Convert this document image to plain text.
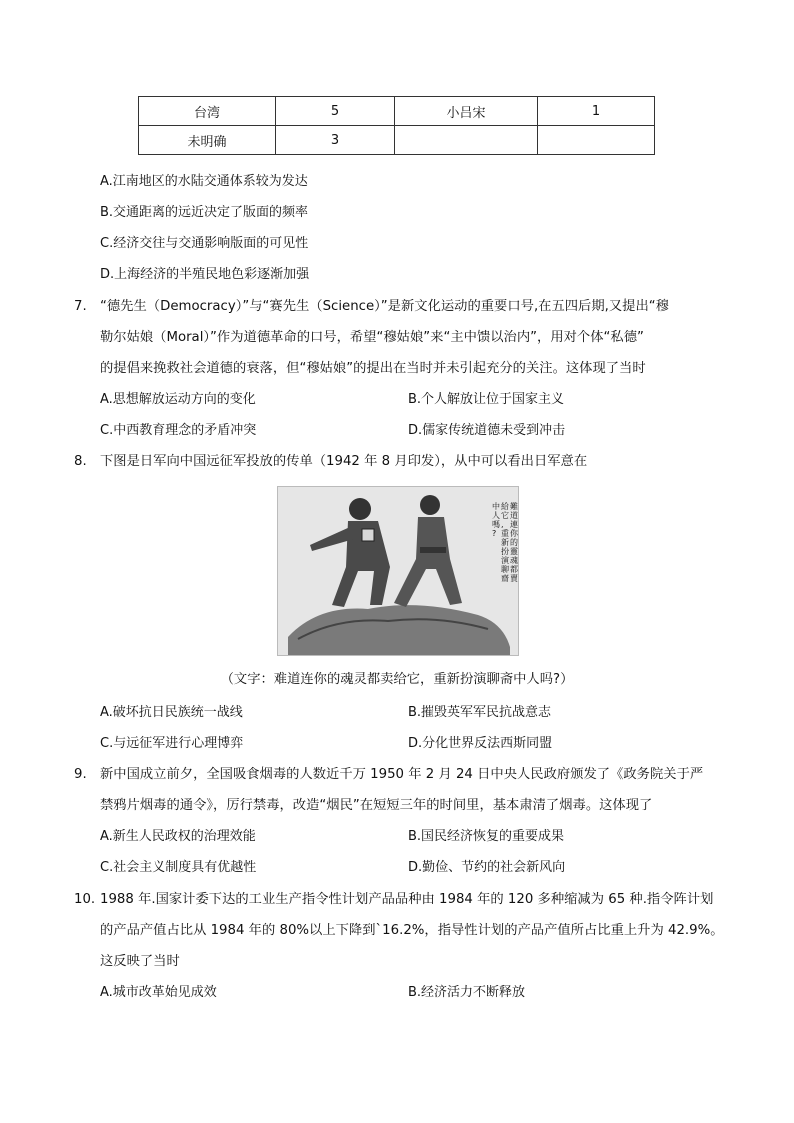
台湾	5	小吕宋	1
未明确	3		
A.江南地区的水陆交通体系较为发达
B.交通距离的远近决定了版面的频率
C.经济交往与交通影响版面的可见性
D.上海经济的半殖民地色彩逐渐加强
7. “德先生（Democracy）”与“赛先生（Science）”是新文化运动的重要口号,在五四后期,又提出“穆
勒尔姑娘（Moral）”作为道德革命的口号，希望“穆姑娘”来“主中馈以治内”，用对个体“私德”
的提倡来挽救社会道德的衰落，但“穆姑娘”的提出在当时并未引起充分的关注。这体现了当时
A.思想解放运动方向的变化	B.个人解放让位于国家主义
C.中西教育理念的矛盾冲突	D.儒家传统道德未受到冲击
8. 下图是日军向中国远征军投放的传单（1942 年 8 月印发），从中可以看出日军意在
難
道
連
你
的
靈
魂
都
賣
給
它
,
重
新
扮
演
聊
齋
中
人
嗎
?
（文字：难道连你的魂灵都卖给它，重新扮演聊斋中人吗?）
A.破坏抗日民族统一战线	B.摧毁英军军民抗战意志
C.与远征军进行心理博弈	D.分化世界反法西斯同盟
9. 新中国成立前夕，全国吸食烟毒的人数近千万 1950 年 2 月 24 日中央人民政府颁发了《政务院关于严
禁鸦片烟毒的通令》，厉行禁毒，改造“烟民”在短短三年的时间里，基本肃清了烟毒。这体现了
A.新生人民政权的治理效能	B.国民经济恢复的重要成果
C.社会主义制度具有优越性	D.勤俭、节约的社会新风向
10. 1988 年.国家计委下达的工业生产指令性计划产品品种由 1984 年的 120 多种缩减为 65 种.指令阵计划
的产品产值占比从 1984 年的 80%以上下降到`16.2%，指导性计划的产品产值所占比重上升为 42.9%。
这反映了当时
A.城市改革始见成效	B.经济活力不断释放
